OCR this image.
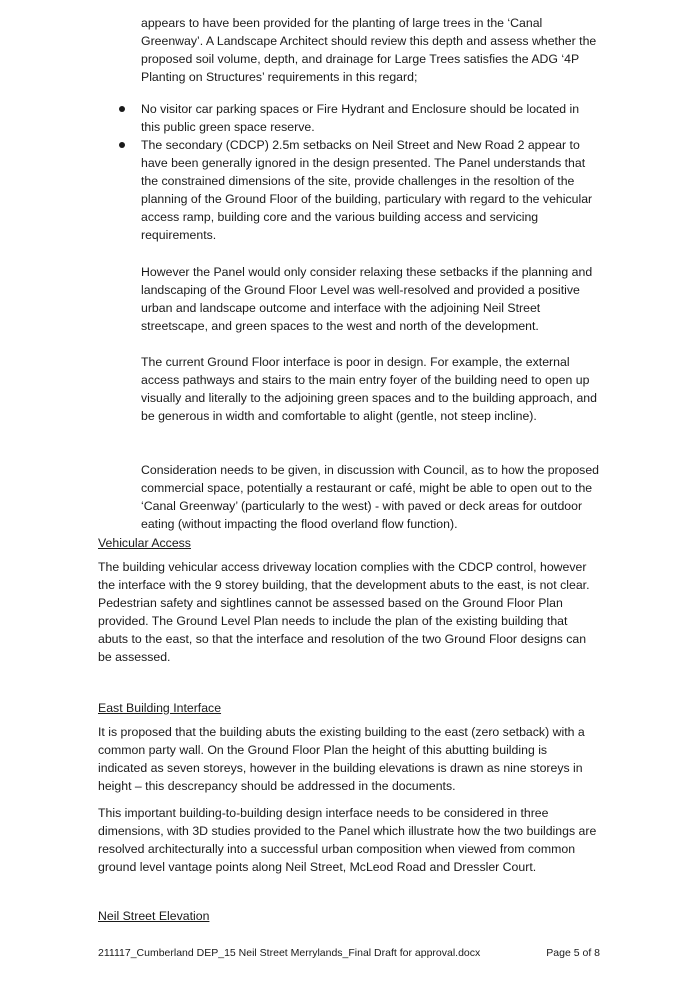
appears to have been provided for the planting of large trees in the ‘Canal Greenway’. A Landscape Architect should review this depth and assess whether the proposed soil volume, depth, and drainage for Large Trees satisfies the ADG ‘4P Planting on Structures’ requirements in this regard;

No visitor car parking spaces or Fire Hydrant and Enclosure should be located in this public green space reserve.

The secondary (CDCP) 2.5m setbacks on Neil Street and New Road 2 appear to have been generally ignored in the design presented. The Panel understands that the constrained dimensions of the site, provide challenges in the resoltion of the planning of the Ground Floor of the building, particulary with regard to the vehicular access ramp, building core and the various building access and servicing requirements.

However the Panel would only consider relaxing these setbacks if the planning and landscaping of the Ground Floor Level was well-resolved and provided a positive urban and landscape outcome and interface with the adjoining Neil Street streetscape, and green spaces to the west and north of the development.

The current Ground Floor interface is poor in design. For example, the external access pathways and stairs to the main entry foyer of the building need to open up visually and literally to the adjoining green spaces and to the building approach, and be generous in width and comfortable to alight (gentle, not steep incline).

Consideration needs to be given, in discussion with Council, as to how the proposed commercial space, potentially a restaurant or café, might be able to open out to the ‘Canal Greenway’ (particularly to the west) - with paved or deck areas for outdoor eating (without impacting the flood overland flow function).

Vehicular Access

The building vehicular access driveway location complies with the CDCP control, however the interface with the 9 storey building, that the development abuts to the east, is not clear. Pedestrian safety and sightlines cannot be assessed based on the Ground Floor Plan provided. The Ground Level Plan needs to include the plan of the existing building that abuts to the east, so that the interface and resolution of the two Ground Floor designs can be assessed.

East Building Interface

It is proposed that the building abuts the existing building to the east (zero setback) with a common party wall. On the Ground Floor Plan the height of this abutting building is indicated as seven storeys, however in the building elevations is drawn as nine storeys in height – this descrepancy should be addressed in the documents.

This important building-to-building design interface needs to be considered in three dimensions, with 3D studies provided to the Panel which illustrate how the two buildings are resolved architecturally into a successful urban composition when viewed from common ground level vantage points along Neil Street, McLeod Road and Dressler Court.

Neil Street Elevation

211117_Cumberland DEP_15 Neil Street Merrylands_Final Draft for approval.docx	Page 5 of 8
